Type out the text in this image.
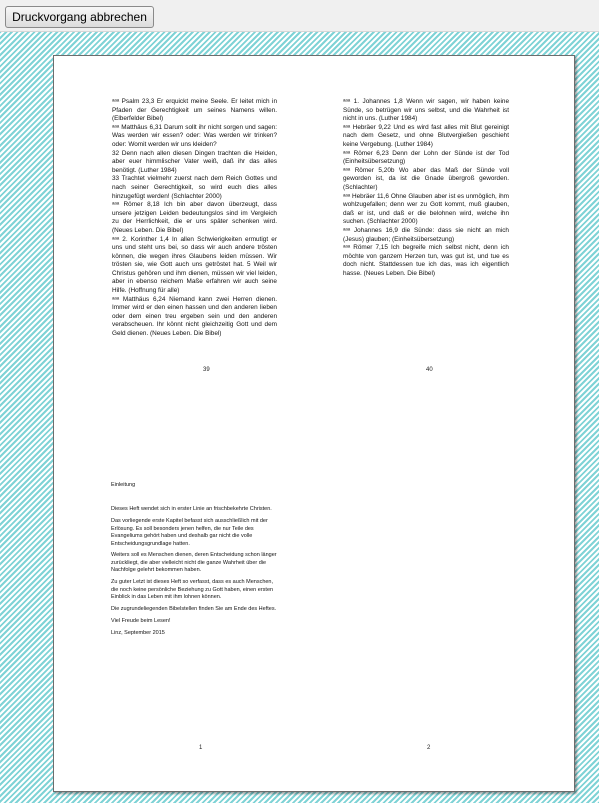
Druckvorgang abbrechen

ᵃᵃᵃ Psalm 23,3 Er erquickt meine Seele. Er leitet mich in Pfaden der Gerechtigkeit um seines Namens willen. (Elberfelder Bibel)

ᵃᵃᵃ Matthäus 6,31 Darum sollt ihr nicht sorgen und sagen: Was werden wir essen? oder: Was werden wir trinken? oder: Womit werden wir uns kleiden?

32 Denn nach allen diesen Dingen trachten die Heiden, aber euer himmlischer Vater weiß, daß ihr das alles benötigt. (Luther 1984)

33 Trachtet vielmehr zuerst nach dem Reich Gottes und nach seiner Gerechtigkeit, so wird euch dies alles hinzugefügt werden! (Schlachter 2000)

ᵃᵃᵃ Römer 8,18 Ich bin aber davon überzeugt, dass unsere jetzigen Leiden bedeutungslos sind im Vergleich zu der Herrlichkeit, die er uns später schenken wird. (Neues Leben. Die Bibel)

ᵃᵃᵃ 2. Korinther 1,4 In allen Schwierigkeiten ermutigt er uns und steht uns bei, so dass wir auch andere trösten können, die wegen ihres Glaubens leiden müssen. Wir trösten sie, wie Gott auch uns getröstet hat. 5 Weil wir Christus gehören und ihm dienen, müssen wir viel leiden, aber in ebenso reichem Maße erfahren wir auch seine Hilfe. (Hoffnung für alle)

ᵃᵃᵃ Matthäus 6,24 Niemand kann zwei Herren dienen. Immer wird er den einen hassen und den anderen lieben oder dem einen treu ergeben sein und den anderen verabscheuen. Ihr könnt nicht gleichzeitig Gott und dem Geld dienen. (Neues Leben. Die Bibel)

39

ᵃᵃᵃ 1. Johannes 1,8 Wenn wir sagen, wir haben keine Sünde, so betrügen wir uns selbst, und die Wahrheit ist nicht in uns. (Luther 1984)

ᵃᵃᵃ Hebräer 9,22 Und es wird fast alles mit Blut gereinigt nach dem Gesetz, und ohne Blutvergießen geschieht keine Vergebung. (Luther 1984)

ᵃᵃᵃ Römer 6,23 Denn der Lohn der Sünde ist der Tod (Einheitsübersetzung)

ᵃᵃᵃ Römer 5,20b Wo aber das Maß der Sünde voll geworden ist, da ist die Gnade übergroß geworden. (Schlachter)

ᵃᵃᵃ Hebräer 11,6 Ohne Glauben aber ist es unmöglich, ihm wohlzugefallen; denn wer zu Gott kommt, muß glauben, daß er ist, und daß er die belohnen wird, welche ihn suchen. (Schlachter 2000)

ᵃᵃᵃ Johannes 16,9 die Sünde: dass sie nicht an mich (Jesus) glauben; (Einheitsübersetzung)

ᵃᵃᵃ Römer 7,15 Ich begreife mich selbst nicht, denn ich möchte von ganzem Herzen tun, was gut ist, und tue es doch nicht. Stattdessen tue ich das, was ich eigentlich hasse. (Neues Leben. Die Bibel)

40
Einleitung

Dieses Heft wendet sich in erster Linie an frischbekehrte Christen.

Das vorliegende erste Kapitel befasst sich ausschließlich mit der Erlösung. Es soll besonders jenen helfen, die nur Teile des Evangeliums gehört haben und deshalb gar nicht die volle Entscheidungsgrundlage hatten.

Weiters soll es Menschen dienen, deren Entscheidung schon länger zurückliegt, die aber vielleicht nicht die ganze Wahrheit über die Nachfolge gelehrt bekommen haben.

Zu guter Letzt ist dieses Heft so verfasst, dass es auch Menschen, die noch keine persönliche Beziehung zu Gott haben, einen ersten Einblick in das Leben mit ihm lohnen können.

Die zugrundeliegenden Bibelstellen finden Sie am Ende des Heftes.

Viel Freude beim Lesen!

Linz, September 2015

1	2
